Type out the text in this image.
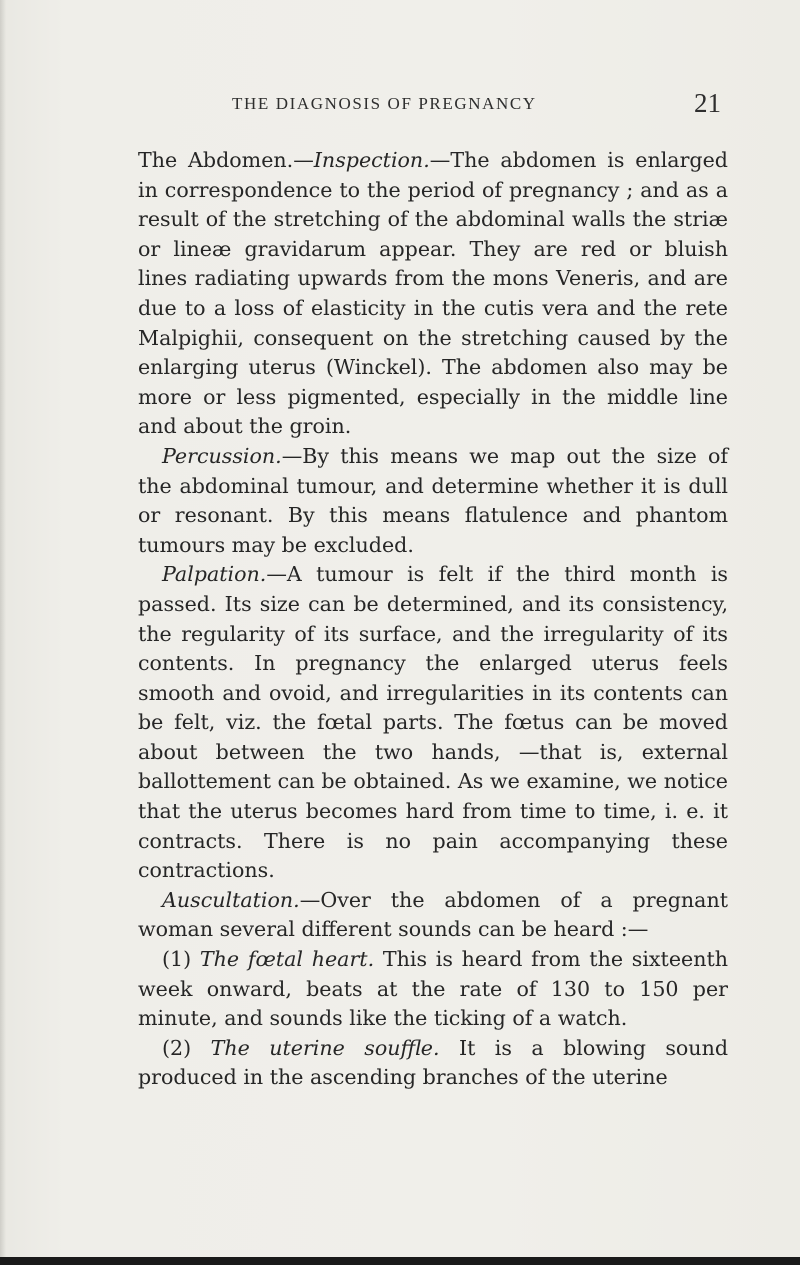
THE DIAGNOSIS OF PREGNANCY	21

The Abdomen.—Inspection.—The abdomen is enlarged in correspondence to the period of pregnancy ; and as a result of the stretching of the abdominal walls the striæ or lineæ gravidarum appear. They are red or bluish lines radiating upwards from the mons Veneris, and are due to a loss of elasticity in the cutis vera and the rete Malpighii, consequent on the stretching caused by the enlarging uterus (Winckel). The abdomen also may be more or less pigmented, especially in the middle line and about the groin.

Percussion.—By this means we map out the size of the abdominal tumour, and determine whether it is dull or resonant. By this means flatulence and phantom tumours may be excluded.

Palpation.—A tumour is felt if the third month is passed. Its size can be determined, and its consistency, the regularity of its surface, and the irregularity of its contents. In pregnancy the enlarged uterus feels smooth and ovoid, and irregularities in its contents can be felt, viz. the fœtal parts. The fœtus can be moved about between the two hands, —that is, external ballottement can be obtained. As we examine, we notice that the uterus becomes hard from time to time, i. e. it contracts. There is no pain accompanying these contractions.

Auscultation.—Over the abdomen of a pregnant woman several different sounds can be heard :—

(1) The fœtal heart. This is heard from the sixteenth week onward, beats at the rate of 130 to 150 per minute, and sounds like the ticking of a watch.

(2) The uterine souffle. It is a blowing sound produced in the ascending branches of the uterine
